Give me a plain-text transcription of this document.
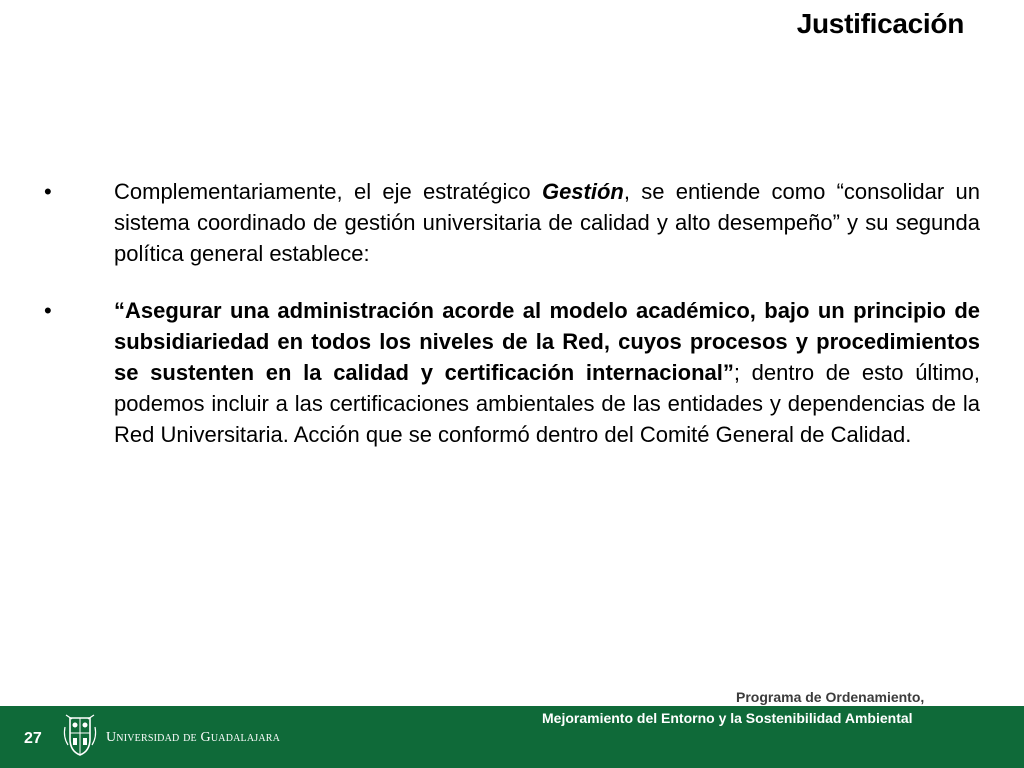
Justificación
•	Complementariamente, el eje estratégico Gestión, se entiende como “consolidar un sistema coordinado de gestión universitaria de calidad y alto desempeño” y su segunda política general establece:

•	“Asegurar una administración acorde al modelo académico, bajo un principio de subsidiariedad en todos los niveles de la Red, cuyos procesos y procedimientos se sustenten en la calidad y certificación internacional”; dentro de esto último, podemos incluir a las certificaciones ambientales de las entidades y dependencias de la Red Universitaria. Acción que se conformó dentro del Comité General de Calidad.

Programa de Ordenamiento,
27	Universidad de Guadalajara
Mejoramiento del Entorno y la Sostenibilidad Ambiental
